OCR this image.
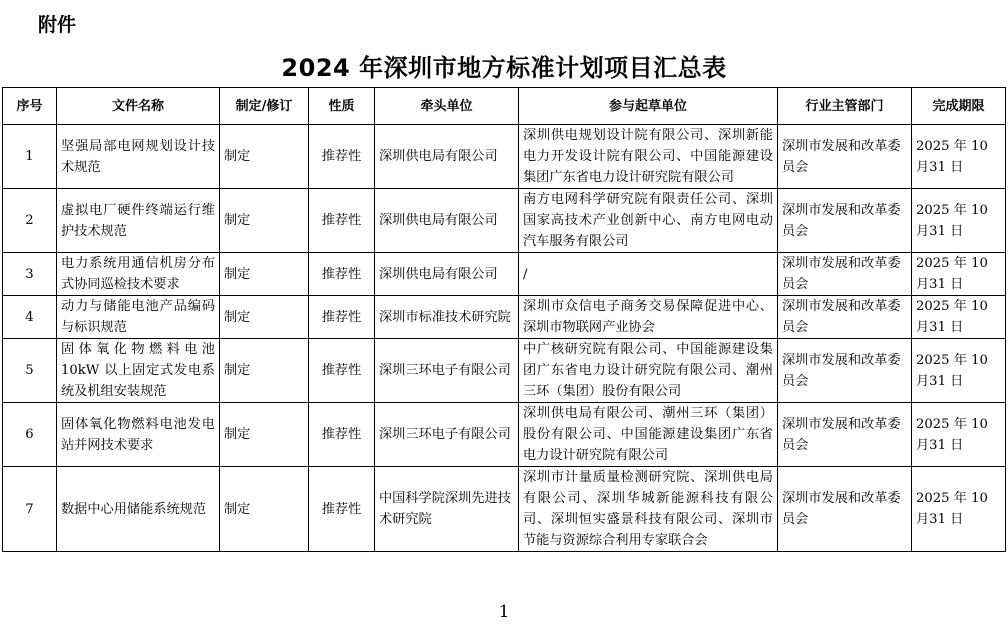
附件
2024 年深圳市地方标准计划项目汇总表
序号	文件名称	制定/修订	性质	牵头单位	参与起草单位	行业主管部门	完成期限
1	坚强局部电网规划设计技术规范	制定	推荐性	深圳供电局有限公司	深圳供电规划设计院有限公司、深圳新能电力开发设计院有限公司、中国能源建设集团广东省电力设计研究院有限公司	深圳市发展和改革委员会	2025 年 10 月31 日
2	虚拟电厂硬件终端运行维护技术规范	制定	推荐性	深圳供电局有限公司	南方电网科学研究院有限责任公司、深圳国家高技术产业创新中心、南方电网电动汽车服务有限公司	深圳市发展和改革委员会	2025 年 10 月31 日
3	电力系统用通信机房分布式协同巡检技术要求	制定	推荐性	深圳供电局有限公司	/	深圳市发展和改革委员会	2025 年 10 月31 日
4	动力与储能电池产品编码与标识规范	制定	推荐性	深圳市标准技术研究院	深圳市众信电子商务交易保障促进中心、深圳市物联网产业协会	深圳市发展和改革委员会	2025 年 10 月31 日
5	固体氧化物燃料电池10kW 以上固定式发电系统及机组安装规范	制定	推荐性	深圳三环电子有限公司	中广核研究院有限公司、中国能源建设集团广东省电力设计研究院有限公司、潮州三环（集团）股份有限公司	深圳市发展和改革委员会	2025 年 10 月31 日
6	固体氧化物燃料电池发电站并网技术要求	制定	推荐性	深圳三环电子有限公司	深圳供电局有限公司、潮州三环（集团）股份有限公司、中国能源建设集团广东省电力设计研究院有限公司	深圳市发展和改革委员会	2025 年 10 月31 日
7	数据中心用储能系统规范	制定	推荐性	中国科学院深圳先进技术研究院	深圳市计量质量检测研究院、深圳供电局有限公司、深圳华城新能源科技有限公司、深圳恒实盛景科技有限公司、深圳市节能与资源综合利用专家联合会	深圳市发展和改革委员会	2025 年 10 月31 日
1
